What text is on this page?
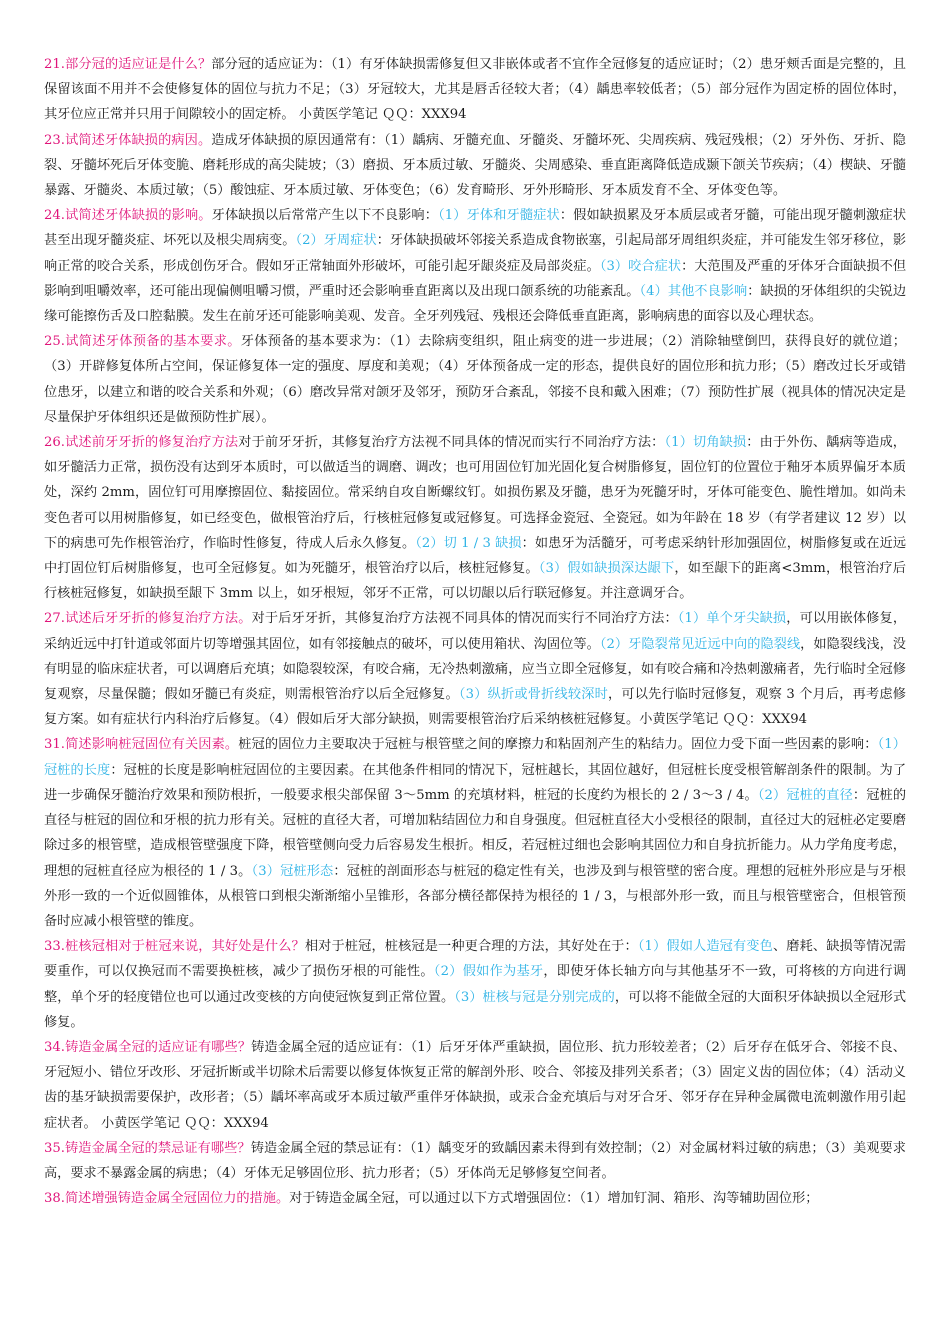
21.部分冠的适应证是什么？部分冠的适应证为：（1）有牙体缺损需修复但又非嵌体或者不宜作全冠修复的适应证时；（2）患牙颊舌面是完整的，且保留该面不用并不会使修复体的固位与抗力不足；（3）牙冠较大，尤其是唇舌径较大者；（4）龋患率较低者；（5）部分冠作为固定桥的固位体时，其牙位应正常并只用于间隙较小的固定桥。 小黄医学笔记 ＱＱ：XXX94

23.试简述牙体缺损的病因。造成牙体缺损的原因通常有：（1）龋病、牙髓充血、牙髓炎、牙髓坏死、尖周疾病、残冠残根；（2）牙外伤、牙折、隐裂、牙髓坏死后牙体变脆、磨耗形成的高尖陡坡；（3）磨损、牙本质过敏、牙髓炎、尖周感染、垂直距离降低造成颞下颌关节疾病；（4）楔缺、牙髓暴露、牙髓炎、本质过敏；（5）酸蚀症、牙本质过敏、牙体变色；（6）发育畸形、牙外形畸形、牙本质发育不全、牙体变色等。

24.试简述牙体缺损的影响。牙体缺损以后常常产生以下不良影响：（1）牙体和牙髓症状：假如缺损累及牙本质层或者牙髓，可能出现牙髓刺激症状甚至出现牙髓炎症、坏死以及根尖周病变。（2）牙周症状：牙体缺损破坏邻接关系造成食物嵌塞，引起局部牙周组织炎症，并可能发生邻牙移位，影响正常的咬合关系，形成创伤牙合。假如牙正常轴面外形破坏，可能引起牙龈炎症及局部炎症。（3）咬合症状：大范围及严重的牙体牙合面缺损不但影响到咀嚼效率，还可能出现偏侧咀嚼习惯，严重时还会影响垂直距离以及出现口颌系统的功能紊乱。（4）其他不良影响：缺损的牙体组织的尖锐边缘可能擦伤舌及口腔黏膜。发生在前牙还可能影响美观、发音。全牙列残冠、残根还会降低垂直距离，影响病患的面容以及心理状态。

25.试简述牙体预备的基本要求。牙体预备的基本要求为：（1）去除病变组织，阻止病变的进一步进展；（2）消除轴壁倒凹，获得良好的就位道；（3）开辟修复体所占空间，保证修复体一定的强度、厚度和美观；（4）牙体预备成一定的形态，提供良好的固位形和抗力形；（5）磨改过长牙或错位患牙，以建立和谐的咬合关系和外观；（6）磨改异常对颌牙及邻牙，预防牙合紊乱，邻接不良和戴入困难；（7）预防性扩展（视具体的情况决定是尽量保护牙体组织还是做预防性扩展）。

26.试述前牙牙折的修复治疗方法对于前牙牙折，其修复治疗方法视不同具体的情况而实行不同治疗方法：（1）切角缺损：由于外伤、龋病等造成，如牙髓活力正常，损伤没有达到牙本质时，可以做适当的调磨、调改；也可用固位钉加光固化复合树脂修复，固位钉的位置位于釉牙本质界偏牙本质处，深约 2mm，固位钉可用摩擦固位、黏接固位。常采纳自攻自断螺纹钉。如损伤累及牙髓，患牙为死髓牙时，牙体可能变色、脆性增加。如尚未变色者可以用树脂修复，如已经变色，做根管治疗后，行核桩冠修复或冠修复。可选择金瓷冠、全瓷冠。如为年龄在 18 岁（有学者建议 12 岁）以下的病患可先作根管治疗，作临时性修复，待成人后永久修复。（2）切 1 / 3 缺损：如患牙为活髓牙，可考虑采纳针形加强固位，树脂修复或在近远中打固位钉后树脂修复，也可全冠修复。如为死髓牙，根管治疗以后，核桩冠修复。（3）假如缺损深达龈下，如至龈下的距离<3mm，根管治疗后行核桩冠修复，如缺损至龈下 3mm 以上，如牙根短，邻牙不正常，可以切龈以后行联冠修复。并注意调牙合。

27.试述后牙牙折的修复治疗方法。对于后牙牙折，其修复治疗方法视不同具体的情况而实行不同治疗方法：（1）单个牙尖缺损，可以用嵌体修复，采纳近远中打针道或邻面片切等增强其固位，如有邻接触点的破坏，可以使用箱状、沟固位等。（2）牙隐裂常见近远中向的隐裂线，如隐裂线浅，没有明显的临床症状者，可以调磨后充填；如隐裂较深，有咬合痛，无冷热刺激痛，应当立即全冠修复，如有咬合痛和冷热刺激痛者，先行临时全冠修复观察，尽量保髓；假如牙髓已有炎症，则需根管治疗以后全冠修复。（3）纵折或骨折线较深时，可以先行临时冠修复，观察 3 个月后，再考虑修复方案。如有症状行内科治疗后修复。（4）假如后牙大部分缺损，则需要根管治疗后采纳核桩冠修复。小黄医学笔记 ＱＱ：XXX94

31.简述影响桩冠固位有关因素。桩冠的固位力主要取决于冠桩与根管壁之间的摩擦力和粘固剂产生的粘结力。固位力受下面一些因素的影响：（1）冠桩的长度：冠桩的长度是影响桩冠固位的主要因素。在其他条件相同的情况下，冠桩越长，其固位越好，但冠桩长度受根管解剖条件的限制。为了进一步确保牙髓治疗效果和预防根折，一般要求根尖部保留 3～5mm 的充填材料，桩冠的长度约为根长的 2 / 3～3 / 4。（2）冠桩的直径：冠桩的直径与桩冠的固位和牙根的抗力形有关。冠桩的直径大者，可增加粘结固位力和自身强度。但冠桩直径大小受根径的限制，直径过大的冠桩必定要磨除过多的根管壁，造成根管壁强度下降，根管壁侧向受力后容易发生根折。相反，若冠桩过细也会影响其固位力和自身抗折能力。从力学角度考虑，理想的冠桩直径应为根径的 1 / 3。（3）冠桩形态：冠桩的剖面形态与桩冠的稳定性有关，也涉及到与根管壁的密合度。理想的冠桩外形应是与牙根外形一致的一个近似圆锥体，从根管口到根尖渐渐缩小呈锥形，各部分横径都保持为根径的 1 / 3，与根部外形一致，而且与根管壁密合，但根管预备时应减小根管壁的锥度。

33.桩核冠相对于桩冠来说，其好处是什么？相对于桩冠，桩核冠是一种更合理的方法，其好处在于：（1）假如人造冠有变色、磨耗、缺损等情况需要重作，可以仅换冠而不需要换桩核，减少了损伤牙根的可能性。（2）假如作为基牙，即使牙体长轴方向与其他基牙不一致，可将核的方向进行调整，单个牙的轻度错位也可以通过改变核的方向使冠恢复到正常位置。（3）桩核与冠是分别完成的，可以将不能做全冠的大面积牙体缺损以全冠形式修复。

34.铸造金属全冠的适应证有哪些？铸造金属全冠的适应证有：（1）后牙牙体严重缺损，固位形、抗力形较差者；（2）后牙存在低牙合、邻接不良、牙冠短小、错位牙改形、牙冠折断或半切除术后需要以修复体恢复正常的解剖外形、咬合、邻接及排列关系者；（3）固定义齿的固位体；（4）活动义齿的基牙缺损需要保护，改形者；（5）龋坏率高或牙本质过敏严重伴牙体缺损，或汞合金充填后与对牙合牙、邻牙存在异种金属微电流刺激作用引起症状者。 小黄医学笔记 ＱＱ：XXX94

35.铸造金属全冠的禁忌证有哪些？铸造金属全冠的禁忌证有：（1）龋变牙的致龋因素未得到有效控制；（2）对金属材料过敏的病患；（3）美观要求高，要求不暴露金属的病患；（4）牙体无足够固位形、抗力形者；（5）牙体尚无足够修复空间者。

38.简述增强铸造金属全冠固位力的措施。对于铸造金属全冠，可以通过以下方式增强固位：（1）增加钉洞、箱形、沟等辅助固位形；
